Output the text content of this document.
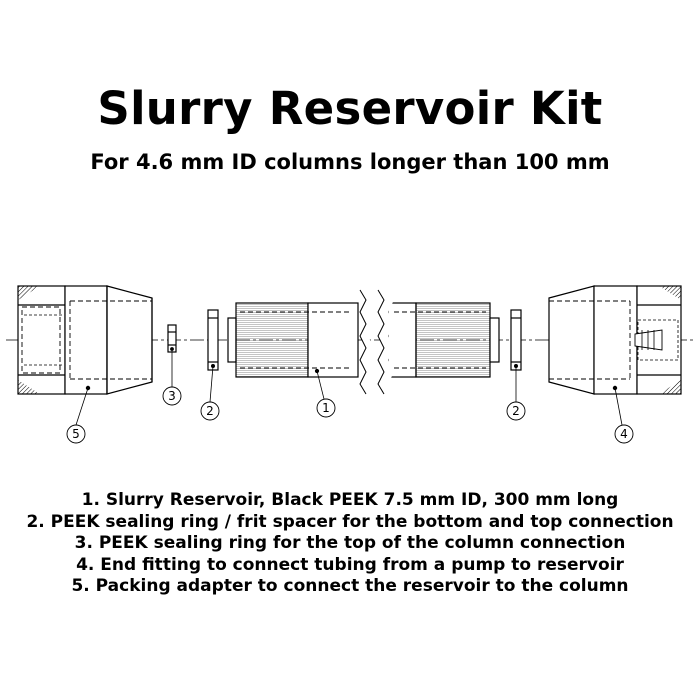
Slurry Reservoir Kit
For 4.6 mm ID columns longer than 100 mm
5
3
2	1	2
4
1. Slurry Reservoir, Black PEEK 7.5 mm ID, 300 mm long
2. PEEK sealing ring / frit spacer for the bottom and top connection
3. PEEK sealing ring for the top of the column connection
4. End fitting to connect tubing from a pump to reservoir
5. Packing adapter to connect the reservoir to the column
